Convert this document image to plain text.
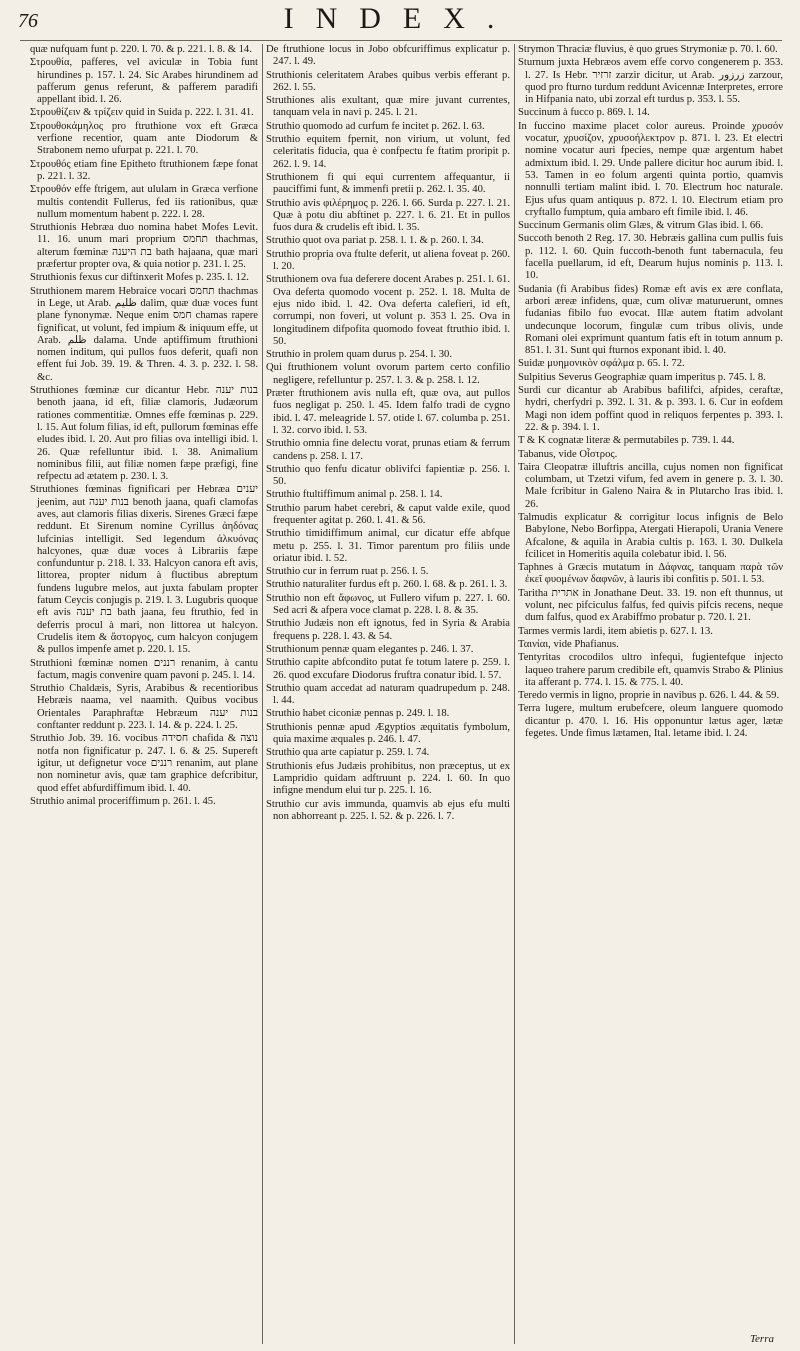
76	INDEX.
quæ nufquam funt p. 220. l. 70. & p. 221. l. 8. & 14.
Στρουθία, pafferes, vel aviculæ in Tobia funt hirundines p. 157. l. 24. Sic Arabes hirundinem ad pafferum genus referunt, & pafferem paradifi appellant ibid. l. 26.
Στρουθίζειν & τρίζειν quid in Suida p. 222. l. 31. 41.
Στρουθοκάμηλος pro ftruthione vox eft Græca verfione recentior, quam ante Diodorum & Strabonem nemo ufurpat p. 221. l. 70.
Στρουθός etiam fine Epitheto ftruthionem fæpe fonat p. 221. l. 32.
Στρουθόν effe ftrigem, aut ululam in Græca verfione multis contendit Fullerus, fed iis rationibus, quæ nullum momentum habent p. 222. l. 28.
Struthionis Hebræa duo nomina habet Mofes Levit. 11. 16. unum mari proprium תחמס thachmas, alterum fœminæ בת היענה bath hajaana, quæ mari præfertur propter ova, & quia notior p. 231. l. 25.
Struthionis fexus cur diftinxerit Mofes p. 235. l. 12.
Struthionem marem Hebraice vocari תחמס thachmas in Lege, ut Arab. ظليم dalim, quæ duæ voces funt plane fynonymæ. Neque enim חמס chamas rapere fignificat, ut volunt, fed impium & iniquum effe, ut Arab. ظلم dalama. Unde aptiffimum ftruthioni nomen inditum, qui pullos fuos deferit, quafi non effent fui Job. 39. 19. & Thren. 4. 3. p. 232. l. 58. &c.
Struthiones fœminæ cur dicantur Hebr. בנות יענה benoth jaana, id eft, filiæ clamoris, Judæorum rationes commentitiæ. Omnes effe fœminas p. 229. l. 15. Aut folum filias, id eft, pullorum fœminas effe eludes ibid. l. 20. Aut pro filias ova intelligi ibid. l. 26. Quæ refelluntur ibid. l. 38. Animalium nominibus filii, aut filiæ nomen fæpe præfigi, fine refpectu ad ætatem p. 230. l. 3.
Struthiones fœminas fignificari per Hebræa יענים jeenim, aut בנות יענה benoth jaana, quafi clamofas aves, aut clamoris filias dixeris. Sirenes Græci fæpe reddunt. Et Sirenum nomine Cyrillus ἀηδόνας lufcinias intelligit. Sed legendum ἀλκυόνας halcyones, quæ duæ voces à Librariis fæpe confunduntur p. 218. l. 33. Halcyon canora eft avis, littorea, propter nidum à fluctibus abreptum fundens lugubre melos, aut juxta fabulam propter fatum Ceycis conjugis p. 219. l. 3. Lugubris quoque eft avis בת יענה bath jaana, feu ftruthio, fed in deferris procul à mari, non littorea ut halcyon. Crudelis item & ἄστοργος, cum halcyon conjugem & pullos impenfe amet p. 220. l. 15.
Struthioni fœminæ nomen רננים renanim, à cantu factum, magis convenire quam pavoni p. 245. l. 14.
Struthio Chaldæis, Syris, Arabibus & recentioribus Hebræis naama, vel naamith. Quibus vocibus Orientales Paraphraftæ Hebræum בנות יענה conftanter reddunt p. 223. l. 14. & p. 224. l. 25.
Struthio Job. 39. 16. vocibus חסידה chafida & נוצה notfa non fignificatur p. 247. l. 6. & 25. Supereft igitur, ut defignetur voce רננים renanim, aut plane non nominetur avis, quæ tam graphice defcribitur, quod effet abfurdiffimum ibid. l. 40.
Struthio animal proceriffimum p. 261. l. 45.
De ftruthione locus in Jobo obfcuriffimus explicatur p. 247. l. 49.
Struthionis celeritatem Arabes quibus verbis efferant p. 262. l. 55.
Struthiones alis exultant, quæ mire juvant currentes, tanquam vela in navi p. 245. l. 21.
Struthio quomodo ad curfum fe incitet p. 262. l. 63.
Struthio equitem fpernit, non virium, ut volunt, fed celeritatis fiducia, qua è confpectu fe ftatim proripit p. 262. l. 9. 14.
Struthionem fi qui equi currentem affequantur, ii pauciffimi funt, & immenfi pretii p. 262. l. 35. 40.
Struthio avis φιλέρημος p. 226. l. 66. Surda p. 227. l. 21. Quæ à potu diu abftinet p. 227. l. 6. 21. Et in pullos fuos dura & crudelis eft ibid. l. 35.
Struthio quot ova pariat p. 258. l. 1. & p. 260. l. 34.
Struthio propria ova ftulte deferit, ut aliena foveat p. 260. l. 20.
Struthionem ova fua deferere docent Arabes p. 251. l. 61. Ova deferta quomodo vocent p. 252. l. 18. Multa de ejus nido ibid. l. 42. Ova deferta calefieri, id eft, corrumpi, non foveri, ut volunt p. 353 l. 25. Ova in longitudinem difpofita quomodo foveat ftruthio ibid. l. 50.
Struthio in prolem quam durus p. 254. l. 30.
Qui ftruthionem volunt ovorum partem certo confilio negligere, refelluntur p. 257. l. 3. & p. 258. l. 12.
Præter ftruthionem avis nulla eft, quæ ova, aut pullos fuos negligat p. 250. l. 45. Idem falfo tradi de cygno ibid. l. 47. meleagride l. 57. otide l. 67. columba p. 251. l. 32. corvo ibid. l. 53.
Struthio omnia fine delectu vorat, prunas etiam & ferrum candens p. 258. l. 17.
Struthio quo fenfu dicatur oblivifci fapientiæ p. 256. l. 50.
Struthio ftultiffimum animal p. 258. l. 14.
Struthio parum habet cerebri, & caput valde exile, quod frequenter agitat p. 260. l. 41. & 56.
Struthio timidiffimum animal, cur dicatur effe abfque metu p. 255. l. 31. Timor parentum pro filiis unde oriatur ibid. l. 52.
Struthio cur in ferrum ruat p. 256. l. 5.
Struthio naturaliter furdus eft p. 260. l. 68. & p. 261. l. 3.
Struthio non eft ἄφωνος, ut Fullero vifum p. 227. l. 60. Sed acri & afpera voce clamat p. 228. l. 8. & 35.
Struthio Judæis non eft ignotus, fed in Syria & Arabia frequens p. 228. l. 43. & 54.
Struthionum pennæ quam elegantes p. 246. l. 37.
Struthio capite abfcondito putat fe totum latere p. 259. l. 26. quod excufare Diodorus fruftra conatur ibid. l. 57.
Struthio quam accedat ad naturam quadrupedum p. 248. l. 44.
Struthio habet ciconiæ pennas p. 249. l. 18.
Struthionis pennæ apud Ægyptios æquitatis fymbolum, quia maxime æquales p. 246. l. 47.
Struthio qua arte capiatur p. 259. l. 74.
Struthionis efus Judæis prohibitus, non præceptus, ut ex Lampridio quidam adftruunt p. 224. l. 60. In quo infigne mendum elui tur p. 225. l. 16.
Struthio cur avis immunda, quamvis ab ejus efu multi non abhorreant p. 225. l. 52. & p. 226. l. 7.
Strymon Thraciæ fluvius, è quo grues Strymoniæ p. 70. l. 60.
Sturnum juxta Hebræos avem effe corvo congenerem p. 353. l. 27. Is Hebr. זרזיר zarzir dicitur, ut Arab. زرزور zarzour, quod pro fturno turdum reddunt Avicennæ Interpretes, errore in Hifpania nato, ubi zorzal eft turdus p. 353. l. 55.
Succinum à fucco p. 869. l. 14.
In fuccino maxime placet color aureus. Proinde χρυσόν vocatur, χρυσίζον, χρυσοήλεκτρον p. 871. l. 23. Et electri nomine vocatur auri fpecies, nempe quæ argentum habet admixtum ibid. l. 29. Unde pallere dicitur hoc aurum ibid. l. 53. Tamen in eo folum argenti quinta portio, quamvis nonnulli tertiam malint ibid. l. 70. Electrum hoc naturale. Ejus ufus quam antiquus p. 872. l. 10. Electrum etiam pro cryftallo fumptum, quia ambaro eft fimile ibid. l. 46.
Succinum Germanis olim Glæs, & vitrum Glas ibid. l. 66.
Succoth benoth 2 Reg. 17. 30. Hebræis gallina cum pullis fuis p. 112. l. 60. Quin fuccoth-benoth funt tabernacula, feu facella puellarum, id eft, Dearum hujus nominis p. 113. l. 10.
Sudania (fi Arabibus fides) Romæ eft avis ex ære conflata, arbori æreæ infidens, quæ, cum olivæ maturuerunt, omnes fudanias fibilo fuo evocat. Illæ autem ftatim advolant undecunque locorum, fingulæ cum tribus olivis, unde Romani olei exprimunt quantum fatis eft in totum annum p. 851. l. 31. Sunt qui fturnos exponant ibid. l. 40.
Suidæ μυημονικὸν σφάλμα p. 65. l. 72.
Sulpitius Severus Geographiæ quam imperitus p. 745. l. 8.
Surdi cur dicantur ab Arabibus bafilifci, afpides, ceraftæ, hydri, cherfydri p. 392. l. 31. & p. 393. l. 6. Cur in eofdem Magi non idem poffint quod in reliquos ferpentes p. 393. l. 22. & p. 394. l. 1.
T & K cognatæ literæ & permutabiles p. 739. l. 44.
Tabanus, vide Οἶστρος.
Taira Cleopatræ illuftris ancilla, cujus nomen non fignificat columbam, ut Tzetzi vifum, fed avem in genere p. 3. l. 30. Male fcribitur in Galeno Naira & in Plutarcho Iras ibid. l. 26.
Talmudis explicatur & corrigitur locus infignis de Belo Babylone, Nebo Borfippa, Atergati Hierapoli, Urania Venere Afcalone, & aquila in Arabia cultis p. 163. l. 30. Dulkela fcilicet in Homeritis aquila colebatur ibid. l. 56.
Taphnes à Græcis mutatum in Δάφνας, tanquam παρὰ τῶν ἐκεῖ φυομένων δαφνῶν, à lauris ibi confitis p. 501. l. 53.
Taritha אתרית in Jonathane Deut. 33. 19. non eft thunnus, ut volunt, nec pifciculus falfus, fed quivis pifcis recens, neque dum falfus, quod ex Arabiffmo probatur p. 720. l. 21.
Tarmes vermis lardi, item abietis p. 627. l. 13.
Ταινίαι, vide Phafianus.
Tentyritas crocodilos ultro infequi, fugientefque injecto laqueo trahere parum credibile eft, quamvis Strabo & Plinius ita afferant p. 774. l. 15. & 775. l. 40.
Teredo vermis in ligno, proprie in navibus p. 626. l. 44. & 59.
Terra lugere, multum erubefcere, oleum languere quomodo dicantur p. 470. l. 16. His opponuntur lætus ager, lætæ fegetes. Unde fimus lætamen, Ital. letame ibid. l. 24.
Terra
